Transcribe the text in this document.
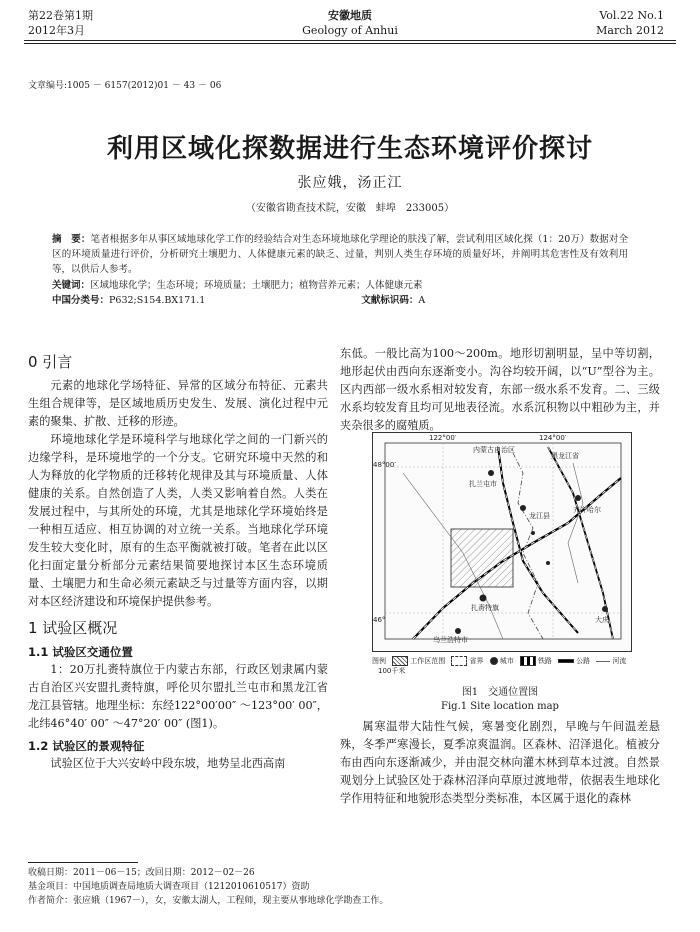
第22卷第1期
2012年3月
安徽地质
Geology of Anhui
Vol.22 No.1
March 2012
文章编号:1005 － 6157(2012)01 － 43 － 06
利用区域化探数据进行生态环境评价探讨
张应娥，汤正江
（安徽省勘查技术院，安徽　蚌埠　233005）
摘　要：笔者根据多年从事区域地球化学工作的经验结合对生态环境地球化学理论的肤浅了解，尝试利用区域化探（1：20万）数据对全区的环境质量进行评价，分析研究土壤肥力、人体健康元素的缺乏、过量，判别人类生存环境的质量好坏，并阐明其危害性及有效利用等，以供后人参考。
关键词：区域地球化学；生态环境；环境质量；土壤肥力；植物营养元素；人体健康元素
中国分类号：P632;S154.BX171.1	文献标识码：A
0 引言

元素的地球化学场特征、异常的区域分布特征、元素共生组合规律等，是区域地质历史发生、发展、演化过程中元素的聚集、扩散、迁移的形迹。

环境地球化学是环境科学与地球化学之间的一门新兴的边缘学科，是环境地学的一个分支。它研究环境中天然的和人为释放的化学物质的迁移转化规律及其与环境质量、人体健康的关系。自然创造了人类，人类又影响着自然。人类在发展过程中，与其所处的环境，尤其是地球化学环境始终是一种相互适应、相互协调的对立统一关系。当地球化学环境发生较大变化时，原有的生态平衡就被打破。笔者在此以区化扫面定量分析部分元素结果简要地探讨本区生态环境质量、土壤肥力和生命必须元素缺乏与过量等方面内容，以期对本区经济建设和环境保护提供参考。

1 试验区概况
1.1 试验区交通位置

1：20万扎赉特旗位于内蒙古东部，行政区划隶属内蒙古自治区兴安盟扎赉特旗，呼伦贝尔盟扎兰屯市和黑龙江省龙江县管辖。地理坐标：东经122°00′00″ ～123°00′ 00″，北纬46°40′ 00″ ～47°20′ 00″ (图1)。

1.2 试验区的景观特征

试验区位于大兴安岭中段东坡，地势呈北西高南

东低。一般比高为100～200m。地形切割明显，呈中等切割，地形起伏由西向东逐渐变小。沟谷均较开阔，以“U”型谷为主。区内西部一级水系相对较发育，东部一级水系不发育。二、三级水系均较发育且均可见地表径流。水系沉积物以中粗砂为主，并夹杂很多的腐殖质。

122°00′	124°00′
48°00′
46°
内蒙古自治区
黑龙江省
扎兰屯市
龙江县
齐齐哈尔
扎赉特旗
乌兰浩特市
大庆
图例	工作区范围	省界 城市	铁路	公路	河流 100千米
图1　交通位置图
Fig.1 Site location map

属寒温带大陆性气候，寒暑变化剧烈，早晚与午间温差悬殊，冬季严寒漫长，夏季凉爽温润。区森林、沼泽退化。植被分布由西向东逐渐减少，并由混交林向灌木林到草本过渡。自然景观划分上试验区处于森林沼泽向草原过渡地带，依据表生地球化学作用特征和地貌形态类型分类标准，本区属于退化的森林

收稿日期：2011－06－15；改回日期：2012－02－26
基金项目：中国地质调查局地质大调查项目（1212010610517）资助
作者简介：张应娥（1967－），女，安徽太湖人，工程师，现主要从事地球化学勘查工作。
